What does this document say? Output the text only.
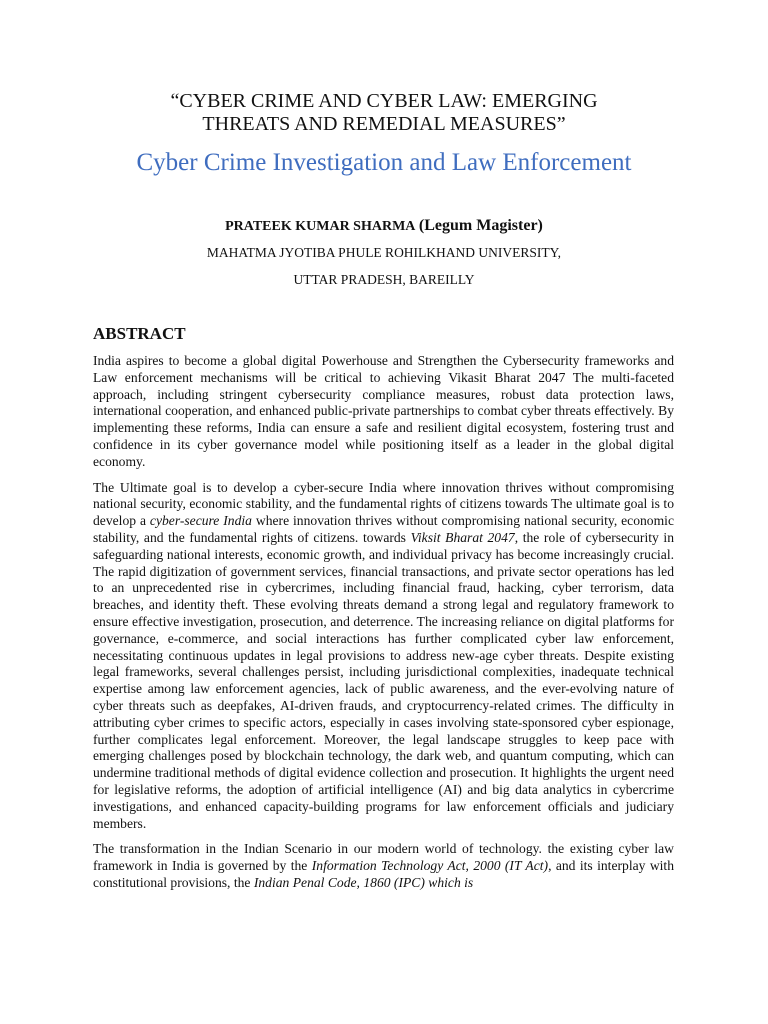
“CYBER CRIME AND CYBER LAW: EMERGING
THREATS AND REMEDIAL MEASURES”
Cyber Crime Investigation and Law Enforcement
PRATEEK KUMAR SHARMA (Legum Magister)
MAHATMA JYOTIBA PHULE ROHILKHAND UNIVERSITY,
UTTAR PRADESH, BAREILLY
ABSTRACT

India aspires to become a global digital Powerhouse and Strengthen the Cybersecurity frameworks and Law enforcement mechanisms will be critical to achieving Vikasit Bharat 2047 The multi-faceted approach, including stringent cybersecurity compliance measures, robust data protection laws, international cooperation, and enhanced public-private partnerships to combat cyber threats effectively. By implementing these reforms, India can ensure a safe and resilient digital ecosystem, fostering trust and confidence in its cyber governance model while positioning itself as a leader in the global digital economy.

The Ultimate goal is to develop a cyber-secure India where innovation thrives without compromising national security, economic stability, and the fundamental rights of citizens towards The ultimate goal is to develop a cyber-secure India where innovation thrives without compromising national security, economic stability, and the fundamental rights of citizens. towards Viksit Bharat 2047, the role of cybersecurity in safeguarding national interests, economic growth, and individual privacy has become increasingly crucial. The rapid digitization of government services, financial transactions, and private sector operations has led to an unprecedented rise in cybercrimes, including financial fraud, hacking, cyber terrorism, data breaches, and identity theft. These evolving threats demand a strong legal and regulatory framework to ensure effective investigation, prosecution, and deterrence. The increasing reliance on digital platforms for governance, e-commerce, and social interactions has further complicated cyber law enforcement, necessitating continuous updates in legal provisions to address new-age cyber threats. Despite existing legal frameworks, several challenges persist, including jurisdictional complexities, inadequate technical expertise among law enforcement agencies, lack of public awareness, and the ever-evolving nature of cyber threats such as deepfakes, AI-driven frauds, and cryptocurrency-related crimes. The difficulty in attributing cyber crimes to specific actors, especially in cases involving state-sponsored cyber espionage, further complicates legal enforcement. Moreover, the legal landscape struggles to keep pace with emerging challenges posed by blockchain technology, the dark web, and quantum computing, which can undermine traditional methods of digital evidence collection and prosecution. It highlights the urgent need for legislative reforms, the adoption of artificial intelligence (AI) and big data analytics in cybercrime investigations, and enhanced capacity-building programs for law enforcement officials and judiciary members.

The transformation in the Indian Scenario in our modern world of technology. the existing cyber law framework in India is governed by the Information Technology Act, 2000 (IT Act), and its interplay with constitutional provisions, the Indian Penal Code, 1860 (IPC) which is
